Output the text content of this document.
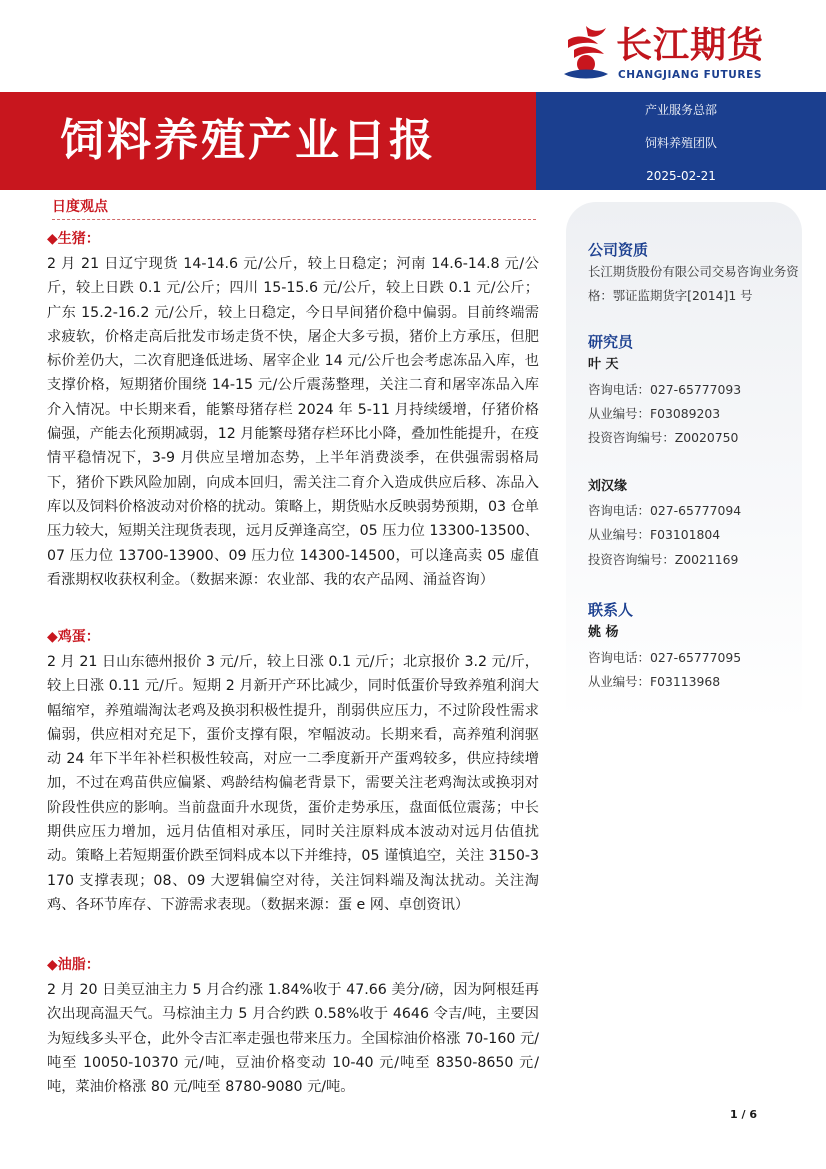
长江期货
CHANGJIANG FUTURES
饲料养殖产业日报
产业服务总部
饲料养殖团队
2025-02-21
日度观点
◆生猪：
2 月 21 日辽宁现货 14-14.6 元/公斤，较上日稳定；河南 14.6-14.8 元/公斤，较上日跌 0.1 元/公斤；四川 15-15.6 元/公斤，较上日跌 0.1 元/公斤；广东 15.2-16.2 元/公斤，较上日稳定，今日早间猪价稳中偏弱。目前终端需求疲软，价格走高后批发市场走货不快，屠企大多亏损，猪价上方承压，但肥标价差仍大，二次育肥逢低进场、屠宰企业 14 元/公斤也会考虑冻品入库，也支撑价格，短期猪价围绕 14-15 元/公斤震荡整理，关注二育和屠宰冻品入库介入情况。中长期来看，能繁母猪存栏 2024 年 5-11 月持续缓增，仔猪价格偏强，产能去化预期减弱，12 月能繁母猪存栏环比小降，叠加性能提升，在疫情平稳情况下，3-9 月供应呈增加态势，上半年消费淡季，在供强需弱格局下，猪价下跌风险加剧，向成本回归，需关注二育介入造成供应后移、冻品入库以及饲料价格波动对价格的扰动。策略上，期货贴水反映弱势预期，03 仓单压力较大，短期关注现货表现，远月反弹逢高空，05 压力位 13300-13500、07 压力位 13700-13900、09 压力位 14300-14500，可以逢高卖 05 虚值看涨期权收获权利金。（数据来源：农业部、我的农产品网、涌益咨询）
◆鸡蛋：
2 月 21 日山东德州报价 3 元/斤，较上日涨 0.1 元/斤；北京报价 3.2 元/斤，较上日涨 0.11 元/斤。短期 2 月新开产环比减少，同时低蛋价导致养殖利润大幅缩窄，养殖端淘汰老鸡及换羽积极性提升，削弱供应压力，不过阶段性需求偏弱，供应相对充足下，蛋价支撑有限，窄幅波动。长期来看，高养殖利润驱动 24 年下半年补栏积极性较高，对应一二季度新开产蛋鸡较多，供应持续增加，不过在鸡苗供应偏紧、鸡龄结构偏老背景下，需要关注老鸡淘汰或换羽对阶段性供应的影响。当前盘面升水现货，蛋价走势承压，盘面低位震荡；中长期供应压力增加，远月估值相对承压，同时关注原料成本波动对远月估值扰动。策略上若短期蛋价跌至饲料成本以下并维持，05 谨慎追空，关注 3150-3170 支撑表现；08、09 大逻辑偏空对待，关注饲料端及淘汰扰动。关注淘鸡、各环节库存、下游需求表现。（数据来源：蛋 e 网、卓创资讯）
◆油脂：
2 月 20 日美豆油主力 5 月合约涨 1.84%收于 47.66 美分/磅，因为阿根廷再次出现高温天气。马棕油主力 5 月合约跌 0.58%收于 4646 令吉/吨，主要因为短线多头平仓，此外令吉汇率走强也带来压力。全国棕油价格涨 70-160 元/吨至 10050-10370 元/吨，豆油价格变动 10-40 元/吨至 8350-8650 元/吨，菜油价格涨 80 元/吨至 8780-9080 元/吨。
公司资质
长江期货股份有限公司交易咨询业务资格：鄂证监期货字[2014]1 号
研究员
叶 天
咨询电话：027-65777093
从业编号：F03089203
投资咨询编号：Z0020750
刘汉缘
咨询电话：027-65777094
从业编号：F03101804
投资咨询编号：Z0021169
联系人
姚 杨
咨询电话：027-65777095
从业编号：F03113968
1 / 6
